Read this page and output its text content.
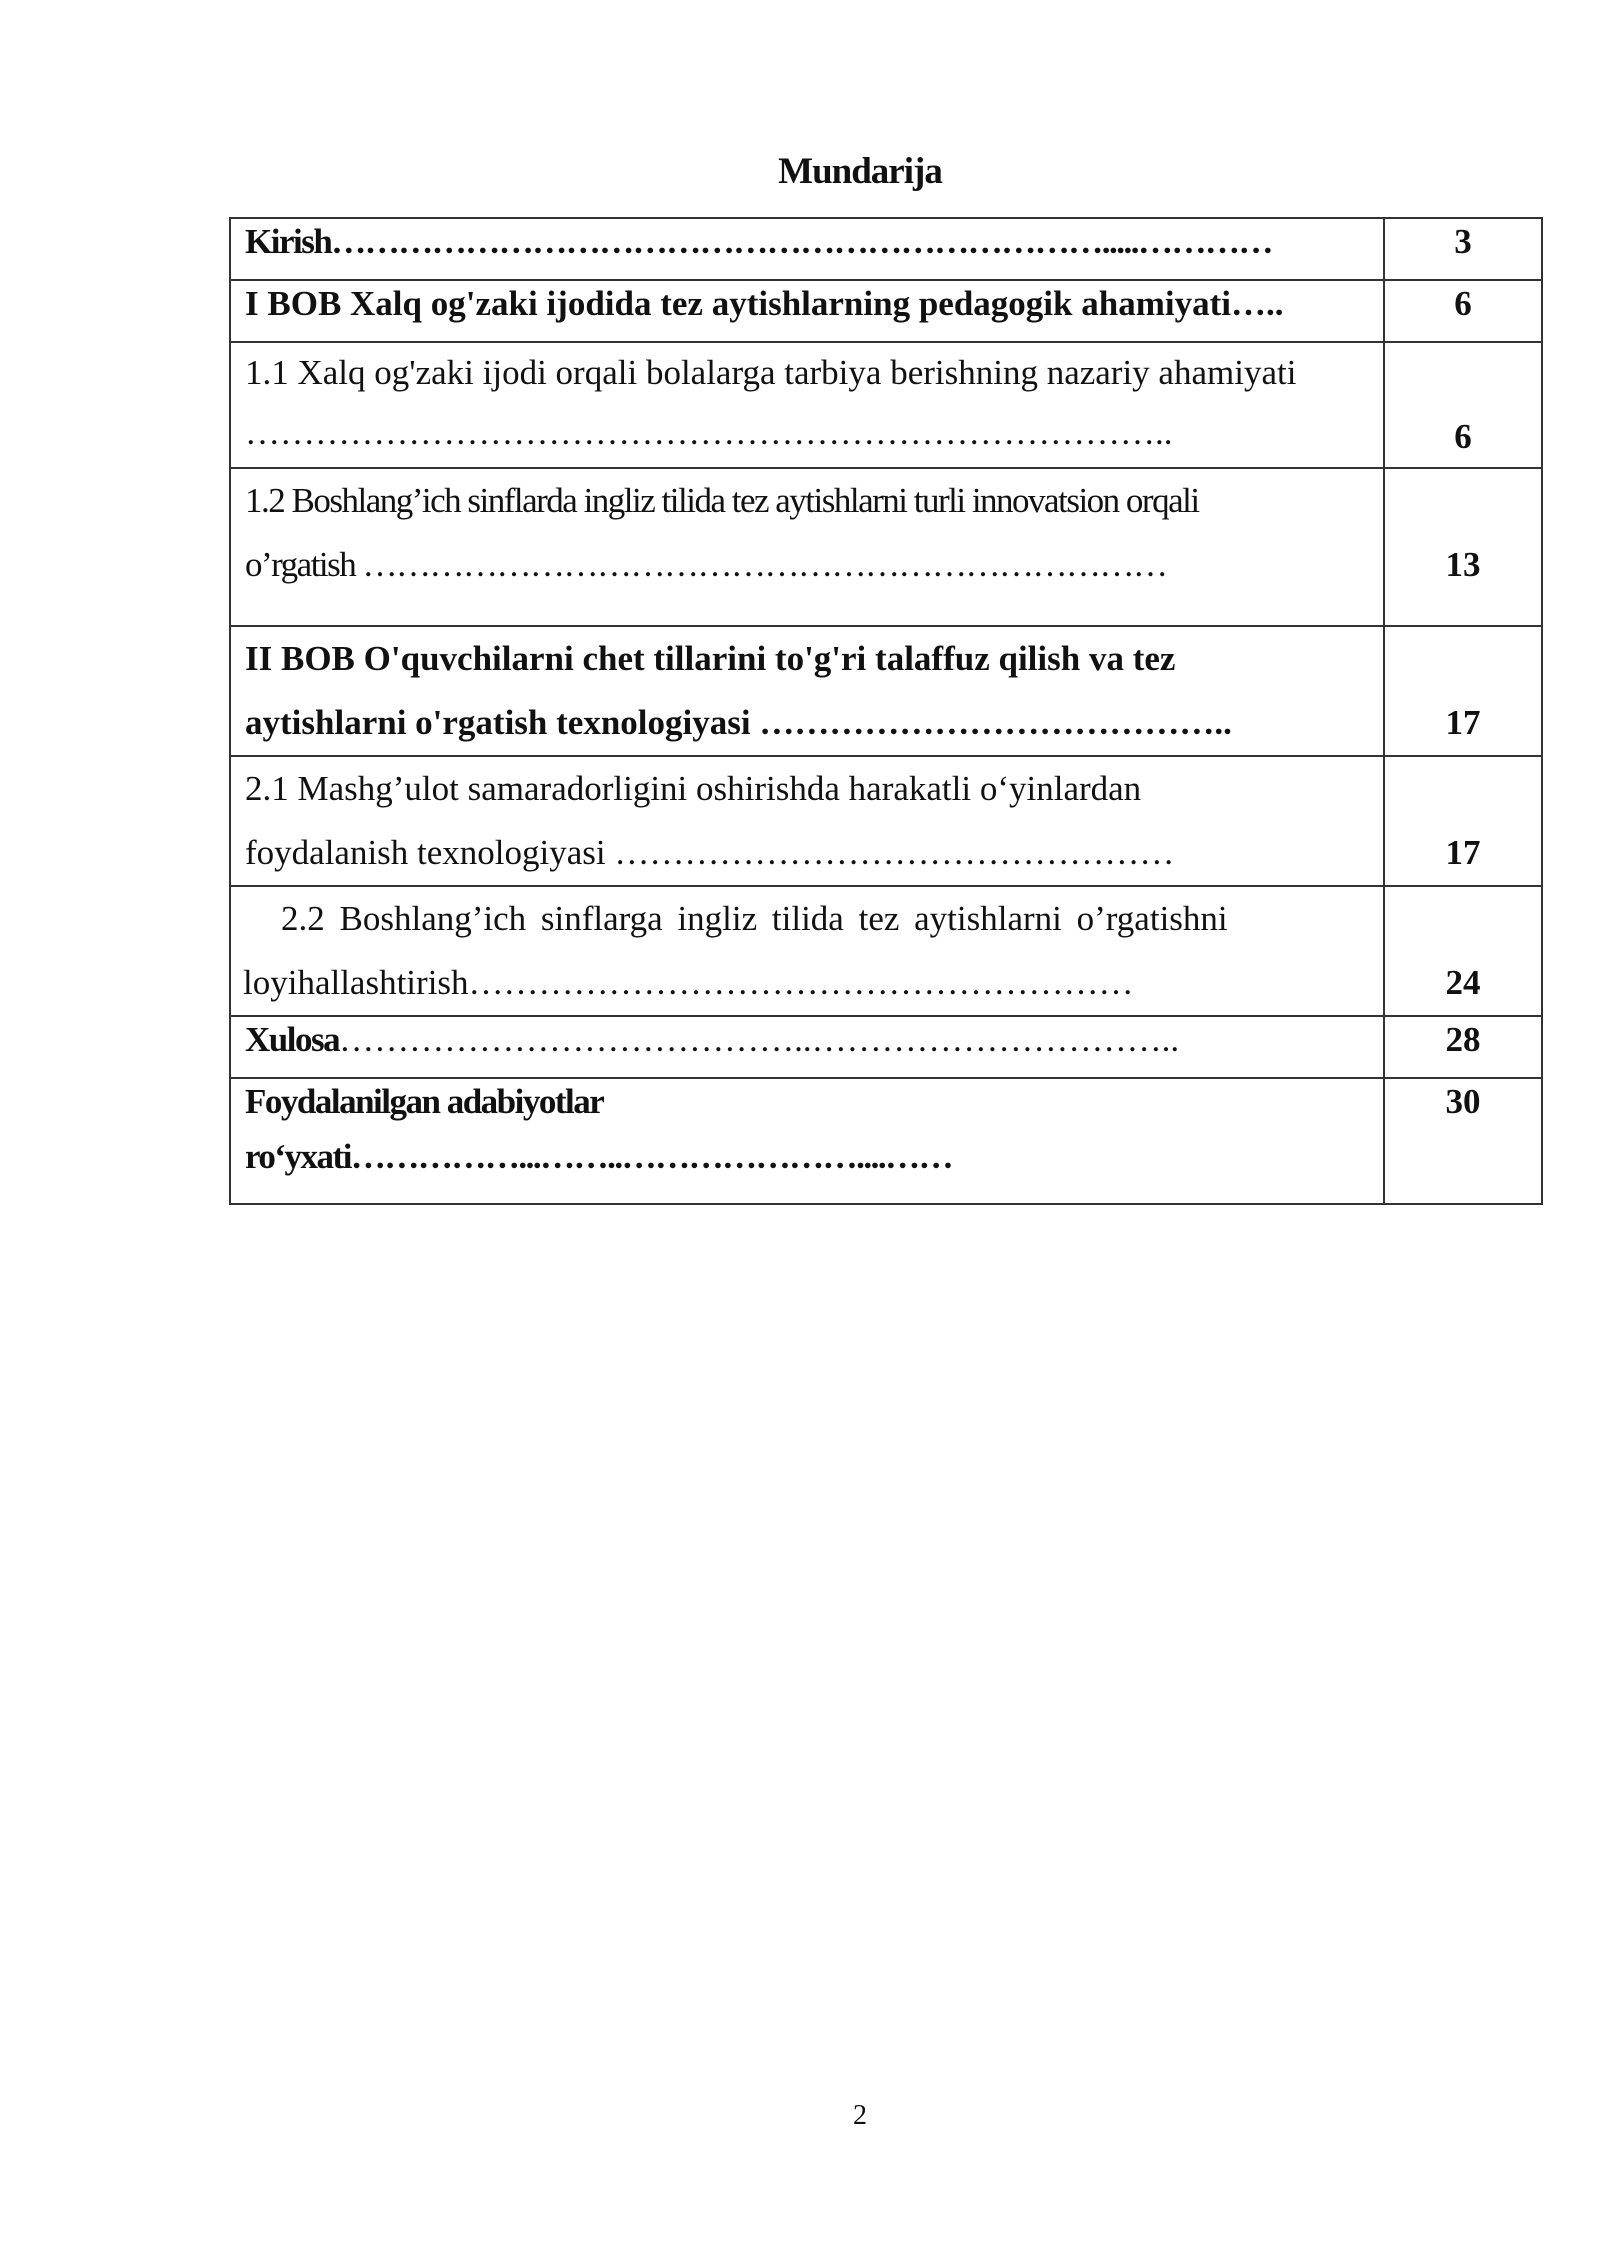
Mundarija
Kirish…………………………………………………………….....…………	3

I BOB Xalq og'zaki ijodida tez aytishlarning pedagogik ahamiyati…..	6

1.1 Xalq og'zaki ijodi orqali bolalarga tarbiya berishning nazariy ahamiyati
……………………………………………………………………..	6

1.2 Boshlang’ich sinflarda ingliz tilida tez aytishlarni turli innovatsion orqali
o’rgatish ………………………………………………………………	13

II BOB O'quvchilarni chet tillarini to'g'ri talaffuz qilish va tez
aytishlarni o'rgatish texnologiyasi …………………………………..	17

2.1 Mashg’ulot samaradorligini oshirishda harakatli o‘yinlardan
foydalanish texnologiyasi …………………………………………	17

2.2 Boshlang’ich sinflarga ingliz tilida tez aytishlarni o’rgatishni
loyihallashtirish…………………………………………………	24

Xulosa…………………………………..…………………………..	28

Foydalanilgan adabiyotlar
ro‘yxati……………...……..…………………....……	30
2
